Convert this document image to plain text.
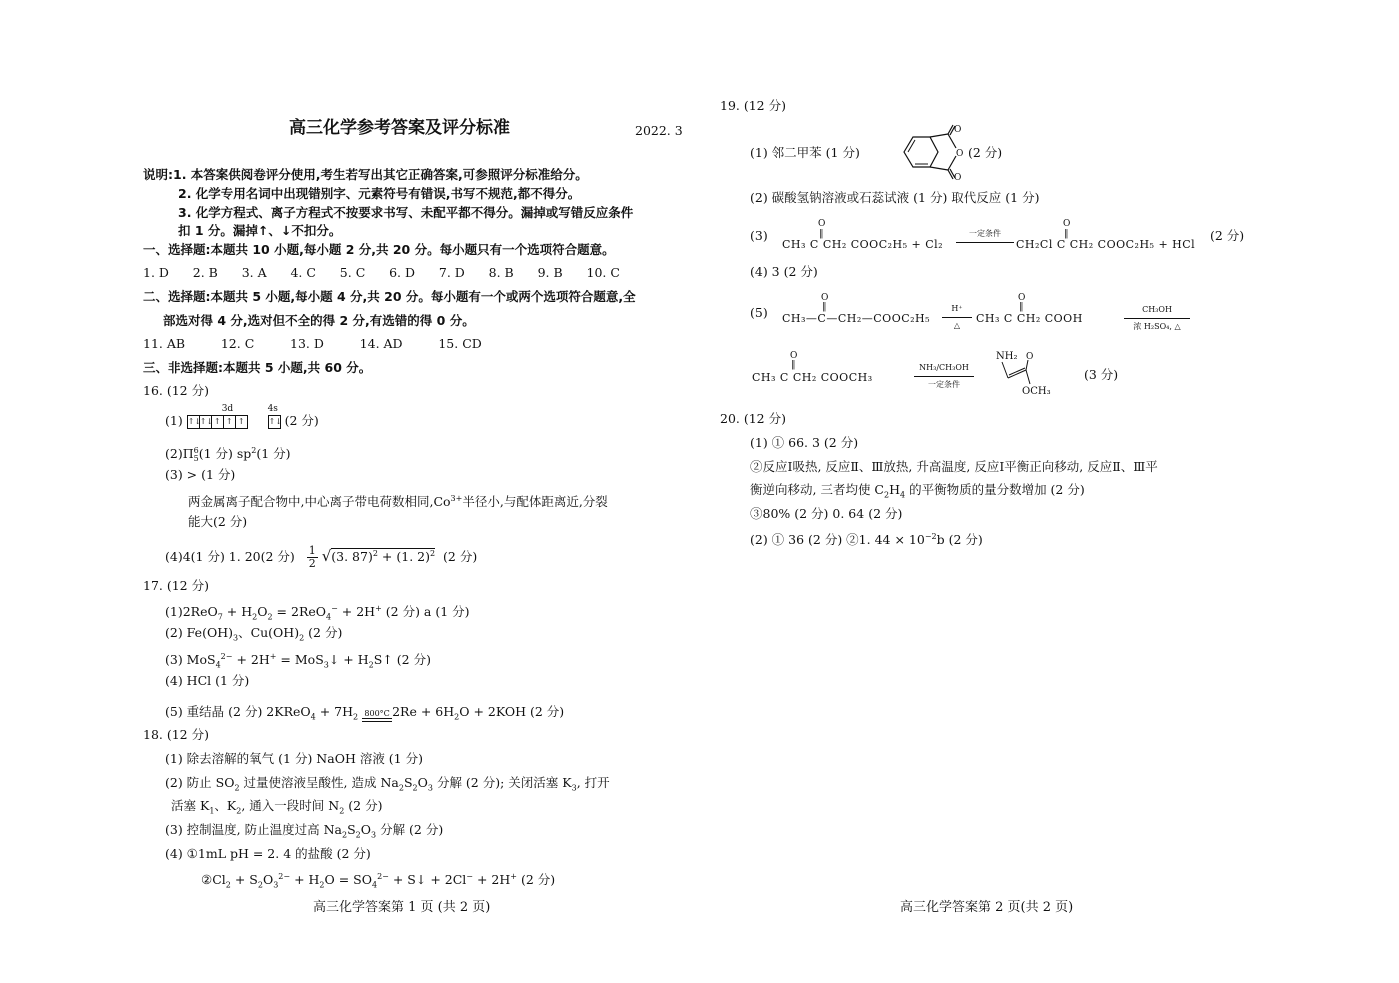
高三化学参考答案及评分标准	2022. 3
说明:1. 本答案供阅卷评分使用,考生若写出其它正确答案,可参照评分标准给分。
2. 化学专用名词中出现错别字、元素符号有错误,书写不规范,都不得分。
3. 化学方程式、离子方程式不按要求书写、未配平都不得分。漏掉或写错反应条件
扣 1 分。漏掉↑、↓不扣分。
一、选择题:本题共 10 小题,每小题 2 分,共 20 分。每小题只有一个选项符合题意。
1. D 2. B 3. A 4. C 5. C 6. D 7. D 8. B 9. B 10. C
二、选择题:本题共 5 小题,每小题 4 分,共 20 分。每小题有一个或两个选项符合题意,全
部选对得 4 分,选对但不全的得 2 分,有选错的得 0 分。
11. AB	12. C	13. D	14. AD	15. CD
三、非选择题:本题共 5 小题,共 60 分。
16. (12 分)
(1)
3d
↑↓↑↓↑ ↑ ↑
4s
↑↓ (2 分)
(2)Π 6
5 (1 分) $sp^2(1$ 分)
(3) > (1 分)
两金属离子配合物中,中心离子带电荷数相同$,Co^{3+}$半径小,与配体距离近,分裂
能大(2 分)
(4)4(1 分) 1. 20(2 分) $\frac{1}{2} √(3$. 87)$^2$ + (1. 2)$^2$ (2 分)
17. (12 分)
$(1)2ReO_7 + H_2O_2 = 2ReO_4^- + 2H^+$ (2 分) a (1 分)
(2) $Fe(OH)_3$、$Cu(OH)_2$ (2 分)
(3) MoS$_4^{2-}$ + 2H+ = MoS$_3$↓ + $H_2S↑$ (2 分)
(4) HCl (1 分)
(5) 重结晶 (2 分) 2KReO$_4$ + $7H_2$ 800°C $2Re + 6H_2O + 2KOH$ (2 分)
18. (12 分)
(1) 除去溶解的氧气 (1 分) NaOH 溶液 (1 分)
(2) 防止 $SO_2$ 过量使溶液呈酸性, 造成 $Na_2S_2O_3$ 分解 (2 分); 关闭活塞 $K_3$, 打开
活塞 $K_1$、$K_2$, 通入一段时间 $N_2$ (2 分)
(3) 控制温度, 防止温度过高 $Na_2S_2O_3$ 分解 (2 分)
(4) ①1mL pH = 2. 4 的盐酸 (2 分)
$②Cl_2 + S_2O_3^{2-} + H_2O = SO_4^{2-}$ + S↓ + 2Cl− + 2H+ (2 分)
高三化学答案第 1 页 (共 2 页)
19. (12 分)
(1) 邻二甲苯 (1 分)
O
O
O
(2 分)
(2) 碳酸氢钠溶液或石蕊试液 (1 分) 取代反应 (1 分)
(3)
O
‖
CH₃ C CH₂ COOC₂H₅ + Cl₂
一定条件
O
‖
CH₂Cl C CH₂ COOC₂H₅ + HCl
(2 分)
(4) 3 (2 分)
(5)
O
‖
CH₃—C—CH₂—COOC₂H₅
H⁺
△
O
‖
CH₃ C CH₂ COOH
CH₃OH
浓 H₂SO₄, △
O
‖
CH₃ C CH₂ COOCH₃
NH₃/CH₃OH
一定条件
NH₂ O
OCH₃
(3 分)
20. (12 分)
(1) ① 66. 3 (2 分)
②反应Ⅰ吸热, 反应Ⅱ、Ⅲ放热, 升高温度, 反应Ⅰ平衡正向移动, 反应Ⅱ、Ⅲ平
衡逆向移动, 三者均使 $C_2H_4$ 的平衡物质的量分数增加 (2 分)
③80% (2 分) 0. 64 (2 分)
(2) ① 36 (2 分) ②1. $44 \times 10^{-2}b$ (2 分)
高三化学答案第 2 页(共 2 页)
